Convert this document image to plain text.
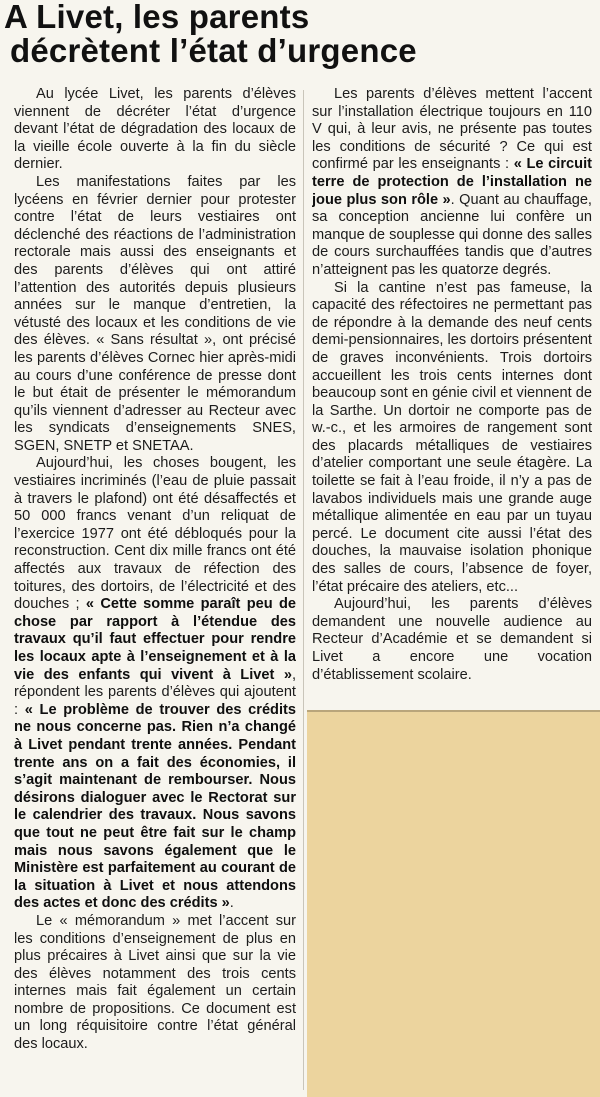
A Livet, les parents
décrètent l’état d’urgence

Au lycée Livet, les parents d’élèves viennent de décréter l’état d’urgence devant l’état de dégradation des locaux de la vieille école ouverte à la fin du siècle dernier.

Les manifestations faites par les lycéens en février dernier pour protester contre l’état de leurs vestiaires ont déclenché des réactions de l’administration rectorale mais aussi des enseignants et des parents d’élèves qui ont attiré l’attention des autorités depuis plusieurs années sur le manque d’entretien, la vétusté des locaux et les conditions de vie des élèves. « Sans résultat », ont précisé les parents d’élèves Cornec hier après-midi au cours d’une conférence de presse dont le but était de présenter le mémorandum qu’ils viennent d’adresser au Recteur avec les syndicats d’enseignements SNES, SGEN, SNETP et SNETAA.

Aujourd’hui, les choses bougent, les vestiaires incriminés (l’eau de pluie passait à travers le plafond) ont été désaffectés et 50 000 francs venant d’un reliquat de l’exercice 1977 ont été débloqués pour la reconstruction. Cent dix mille francs ont été affectés aux travaux de réfection des toitures, des dortoirs, de l’électricité et des douches ; « Cette somme paraît peu de chose par rapport à l’étendue des travaux qu’il faut effectuer pour rendre les locaux apte à l’enseignement et à la vie des enfants qui vivent à Livet », répondent les parents d’élèves qui ajoutent : « Le problème de trouver des crédits ne nous concerne pas. Rien n’a changé à Livet pendant trente années. Pendant trente ans on a fait des économies, il s’agit maintenant de rembourser. Nous désirons dialoguer avec le Rectorat sur le calendrier des travaux. Nous savons que tout ne peut être fait sur le champ mais nous savons également que le Ministère est parfaitement au courant de la situation à Livet et nous attendons des actes et donc des crédits ».

Le « mémorandum » met l’accent sur les conditions d’enseignement de plus en plus précaires à Livet ainsi que sur la vie des élèves notamment des trois cents internes mais fait également un certain nombre de propositions. Ce document est un long réquisitoire contre l’état général des locaux.

Les parents d’élèves mettent l’accent sur l’installation électrique toujours en 110 V qui, à leur avis, ne présente pas toutes les conditions de sécurité ? Ce qui est confirmé par les enseignants : « Le circuit terre de protection de l’installation ne joue plus son rôle ». Quant au chauffage, sa conception ancienne lui confère un manque de souplesse qui donne des salles de cours surchauffées tandis que d’autres n’atteignent pas les quatorze degrés.

Si la cantine n’est pas fameuse, la capacité des réfectoires ne permettant pas de répondre à la demande des neuf cents demi-pensionnaires, les dortoirs présentent de graves inconvénients. Trois dortoirs accueillent les trois cents internes dont beaucoup sont en génie civil et viennent de la Sarthe. Un dortoir ne comporte pas de w.-c., et les armoires de rangement sont des placards métalliques de vestiaires d’atelier comportant une seule étagère. La toilette se fait à l’eau froide, il n’y a pas de lavabos individuels mais une grande auge métallique alimentée en eau par un tuyau percé. Le document cite aussi l’état des douches, la mauvaise isolation phonique des salles de cours, l’absence de foyer, l’état précaire des ateliers, etc...

Aujourd’hui, les parents d’élèves demandent une nouvelle audience au Recteur d’Académie et se demandent si Livet a encore une vocation d’établissement scolaire.
